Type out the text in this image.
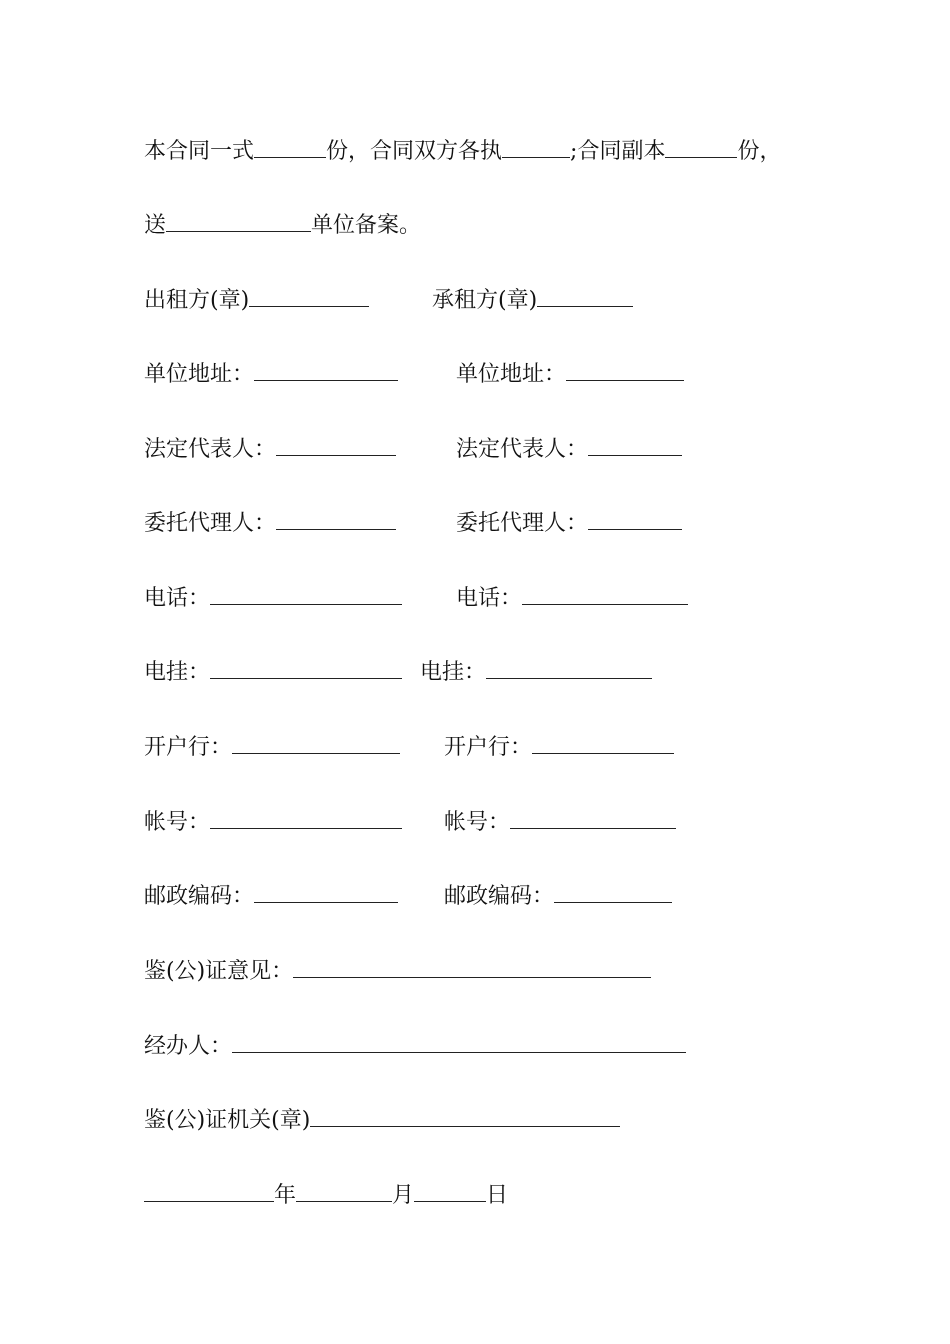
本合同一式	份，合同双方各执	;合同副本	份，
送	单位备案。
出租方(章)	承租方(章)
单位地址：	单位地址：
法定代表人：	法定代表人：
委托代理人：	委托代理人：
电话：	电话：
电挂：	电挂：
开户行：	开户行：
帐号：	帐号：
邮政编码：	邮政编码：
鉴(公)证意见：
经办人：
鉴(公)证机关(章)
年	月	日
